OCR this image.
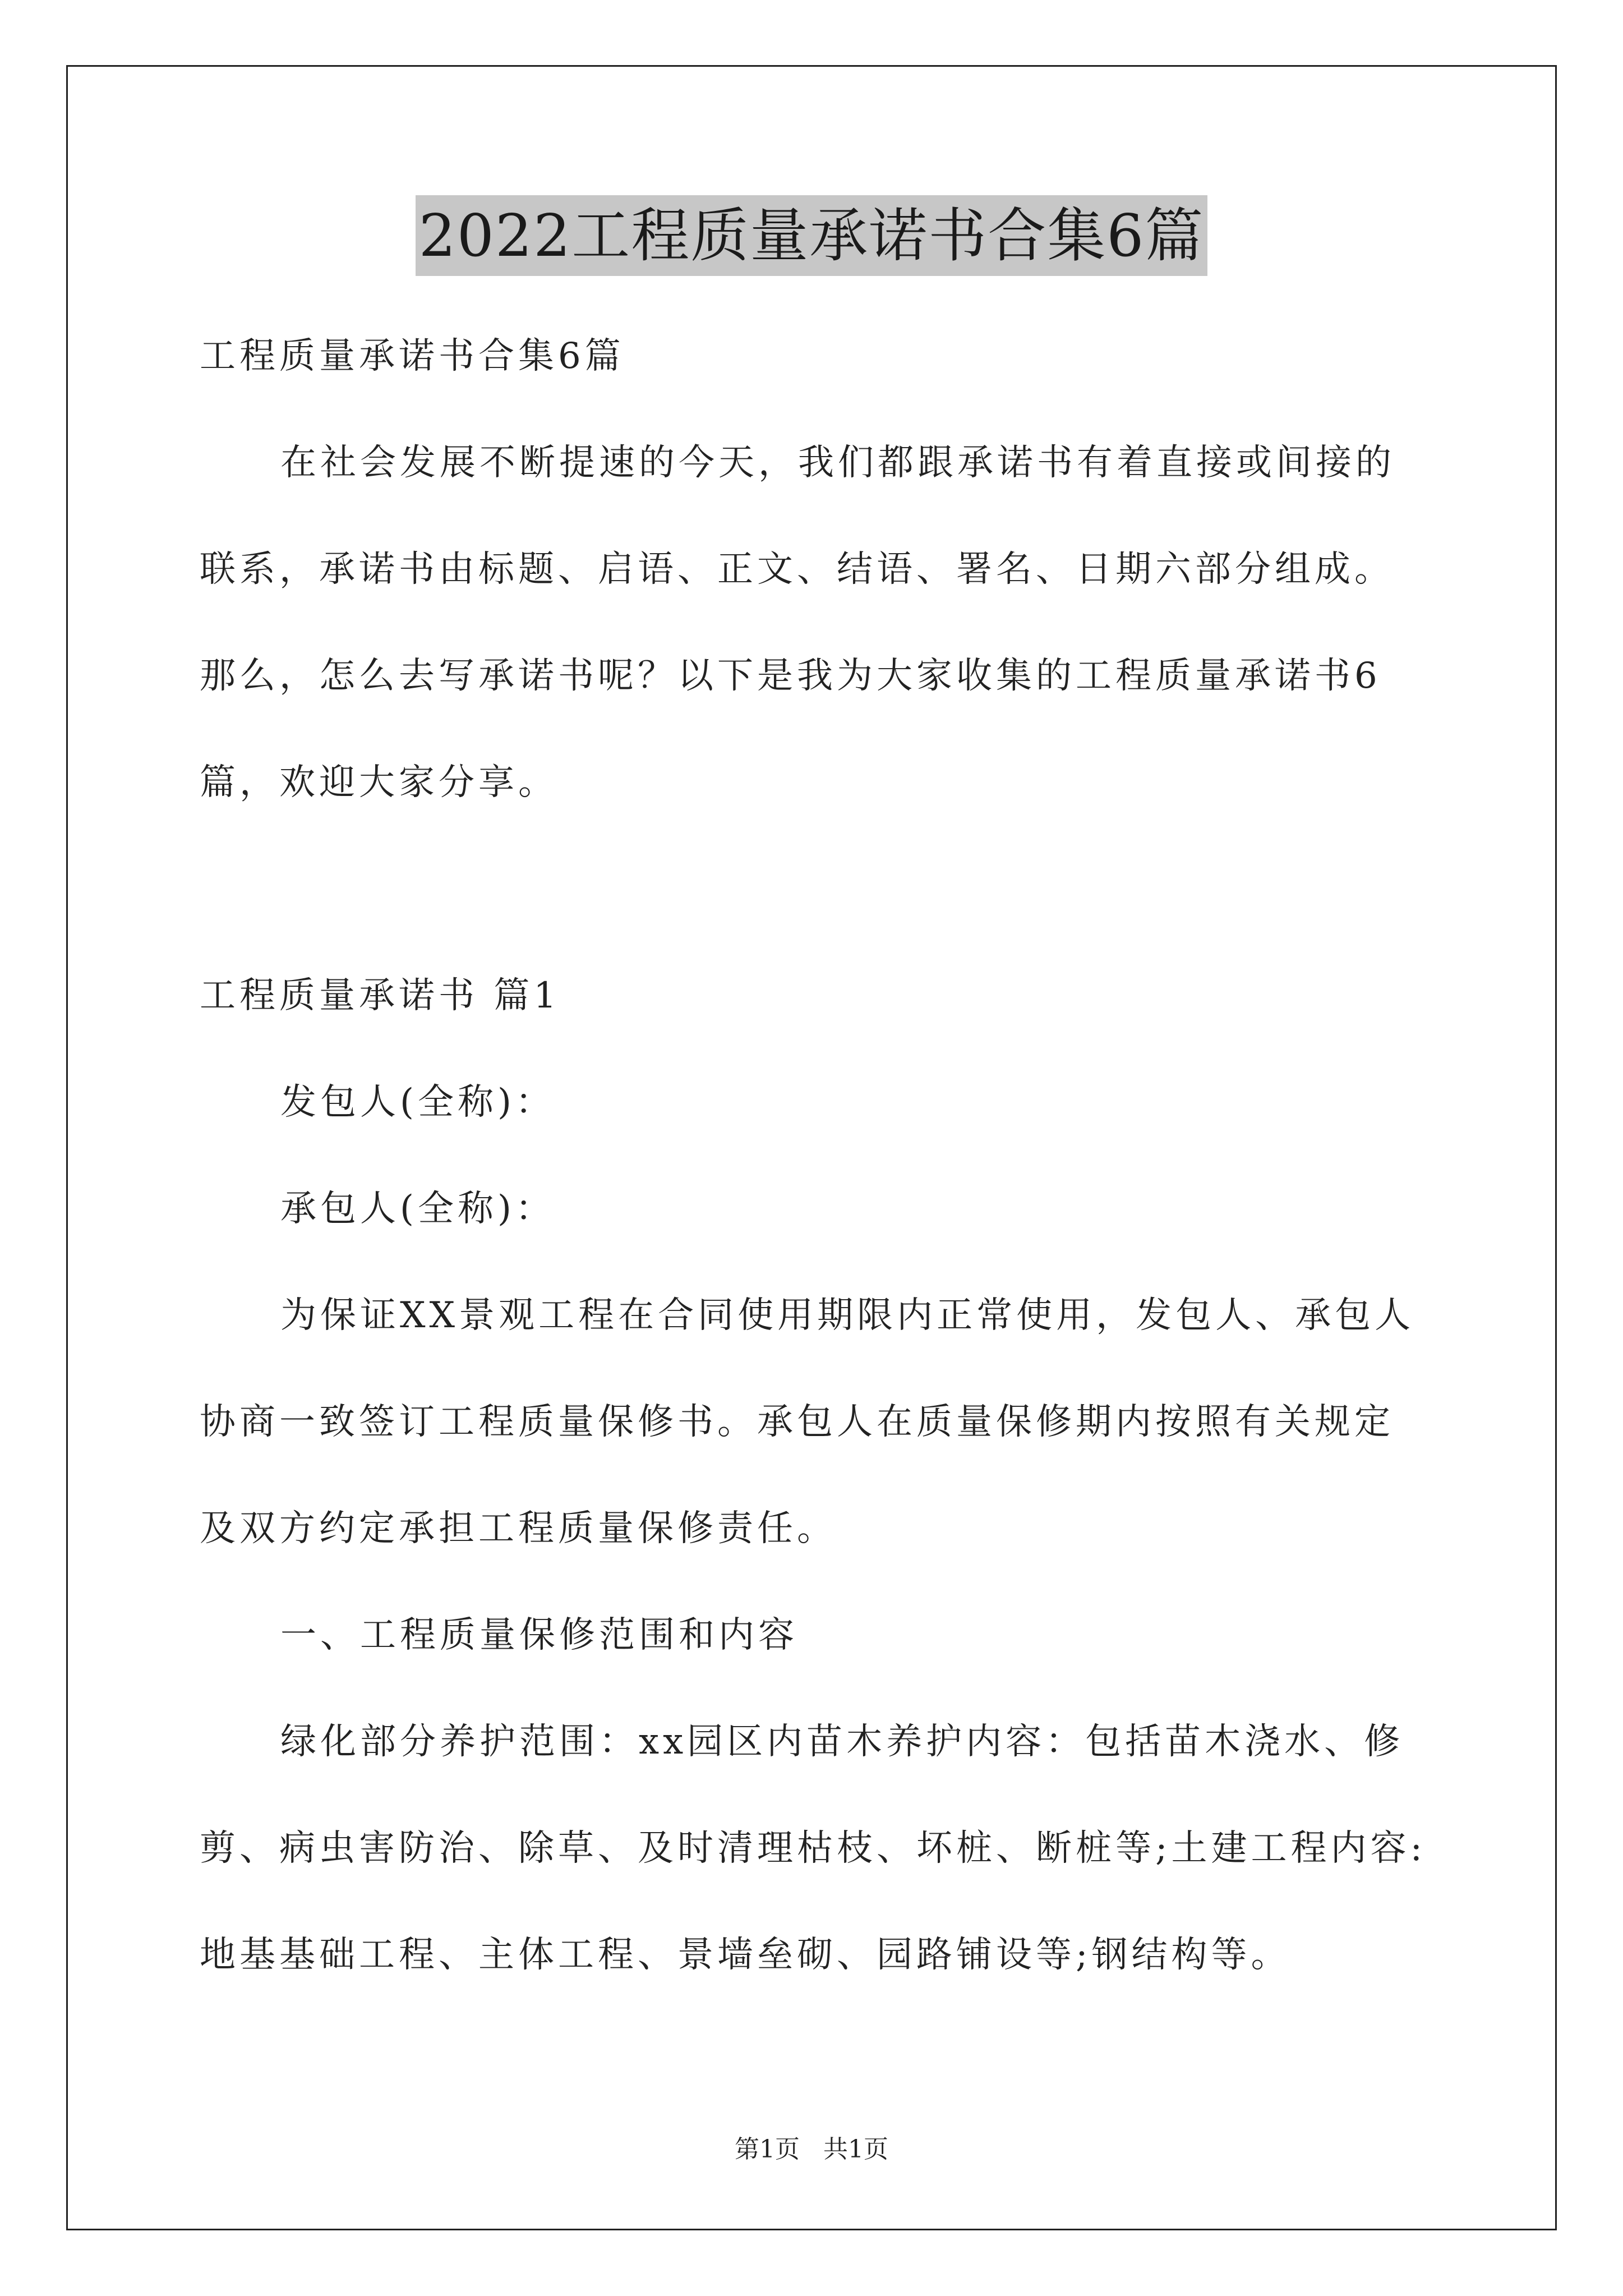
2022工程质量承诺书合集6篇
工程质量承诺书合集6篇
在社会发展不断提速的今天，我们都跟承诺书有着直接或间接的
联系，承诺书由标题、启语、正文、结语、署名、日期六部分组成。
那么，怎么去写承诺书呢？以下是我为大家收集的工程质量承诺书6
篇，欢迎大家分享。
工程质量承诺书 篇1
发包人(全称)：
承包人(全称)：
为保证XX景观工程在合同使用期限内正常使用，发包人、承包人
协商一致签订工程质量保修书。承包人在质量保修期内按照有关规定
及双方约定承担工程质量保修责任。
一、工程质量保修范围和内容
绿化部分养护范围：xx园区内苗木养护内容：包括苗木浇水、修
剪、病虫害防治、除草、及时清理枯枝、坏桩、断桩等;土建工程内容:
地基基础工程、主体工程、景墙垒砌、园路铺设等;钢结构等。
第1页   共1页
